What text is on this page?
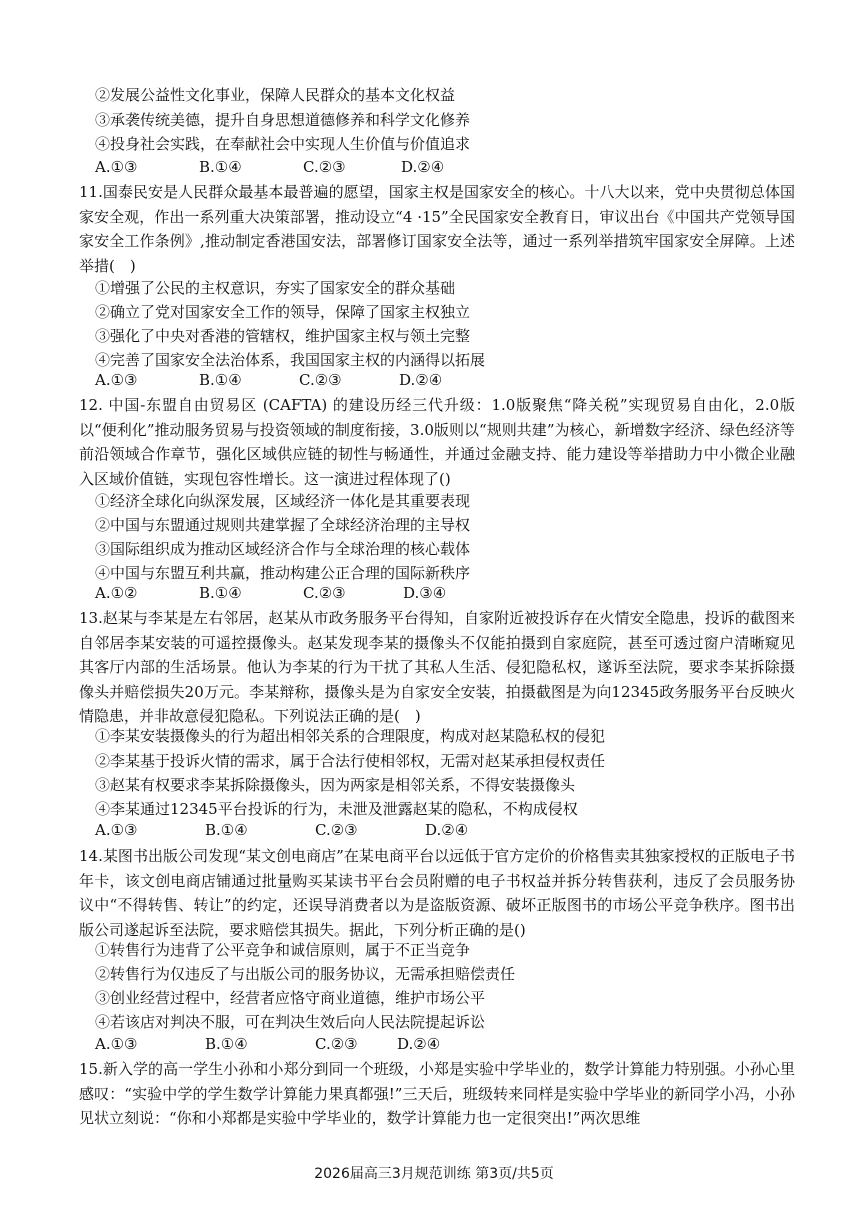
②发展公益性文化事业，保障人民群众的基本文化权益
③承袭传统美德，提升自身思想道德修养和科学文化修养
④投身社会实践，在奉献社会中实现人生价值与价值追求
A.①③	B.①④	C.②③	D.②④
11.国泰民安是人民群众最基本最普遍的愿望，国家主权是国家安全的核心。十八大以来，党中央贯彻总体国家安全观，作出一系列重大决策部署，推动设立“4 ·15”全民国家安全教育日，审议出台《中国共产党领导国家安全工作条例》,推动制定香港国安法，部署修订国家安全法等，通过一系列举措筑牢国家安全屏障。上述举措(　)
①增强了公民的主权意识，夯实了国家安全的群众基础
②确立了党对国家安全工作的领导，保障了国家主权独立
③强化了中央对香港的管辖权，维护国家主权与领土完整
④完善了国家安全法治体系，我国国家主权的内涵得以拓展
A.①③	B.①④	C.②③	D.②④
12. 中国-东盟自由贸易区 (CAFTA) 的建设历经三代升级：1.0版聚焦“降关税”实现贸易自由化，2.0版以“便利化”推动服务贸易与投资领域的制度衔接，3.0版则以“规则共建”为核心，新增数字经济、绿色经济等前沿领域合作章节，强化区域供应链的韧性与畅通性，并通过金融支持、能力建设等举措助力中小微企业融入区域价值链，实现包容性增长。这一演进过程体现了()
①经济全球化向纵深发展，区域经济一体化是其重要表现
②中国与东盟通过规则共建掌握了全球经济治理的主导权
③国际组织成为推动区域经济合作与全球治理的核心载体
④中国与东盟互利共赢，推动构建公正合理的国际新秩序
A.①②	B.①④	C.②③	D.③④
13.赵某与李某是左右邻居，赵某从市政务服务平台得知，自家附近被投诉存在火情安全隐患，投诉的截图来自邻居李某安装的可遥控摄像头。赵某发现李某的摄像头不仅能拍摄到自家庭院，甚至可透过窗户清晰窥见其客厅内部的生活场景。他认为李某的行为干扰了其私人生活、侵犯隐私权，遂诉至法院，要求李某拆除摄像头并赔偿损失20万元。李某辩称，摄像头是为自家安全安装，拍摄截图是为向12345政务服务平台反映火情隐患，并非故意侵犯隐私。下列说法正确的是(　)
①李某安装摄像头的行为超出相邻关系的合理限度，构成对赵某隐私权的侵犯
②李某基于投诉火情的需求，属于合法行使相邻权，无需对赵某承担侵权责任
③赵某有权要求李某拆除摄像头，因为两家是相邻关系，不得安装摄像头
④李某通过12345平台投诉的行为，未泄及泄露赵某的隐私，不构成侵权
A.①③	B.①④	C.②③	D.②④
14.某图书出版公司发现“某文创电商店”在某电商平台以远低于官方定价的价格售卖其独家授权的正版电子书年卡，该文创电商店铺通过批量购买某读书平台会员附赠的电子书权益并拆分转售获利，违反了会员服务协议中“不得转售、转让”的约定，还误导消费者以为是盗版资源、破坏正版图书的市场公平竞争秩序。图书出版公司遂起诉至法院，要求赔偿其损失。据此，下列分析正确的是()
①转售行为违背了公平竞争和诚信原则，属于不正当竞争
②转售行为仅违反了与出版公司的服务协议，无需承担赔偿责任
③创业经营过程中，经营者应恪守商业道德，维护市场公平
④若该店对判决不服，可在判决生效后向人民法院提起诉讼
A.①③	B.①④	C.②③	D.②④
15.新入学的高一学生小孙和小郑分到同一个班级，小郑是实验中学毕业的，数学计算能力特别强。小孙心里感叹：“实验中学的学生数学计算能力果真都强!”三天后，班级转来同样是实验中学毕业的新同学小冯，小孙见状立刻说：“你和小郑都是实验中学毕业的，数学计算能力也一定很突出!”两次思维
2026届高三3月规范训练 第3页/共5页
